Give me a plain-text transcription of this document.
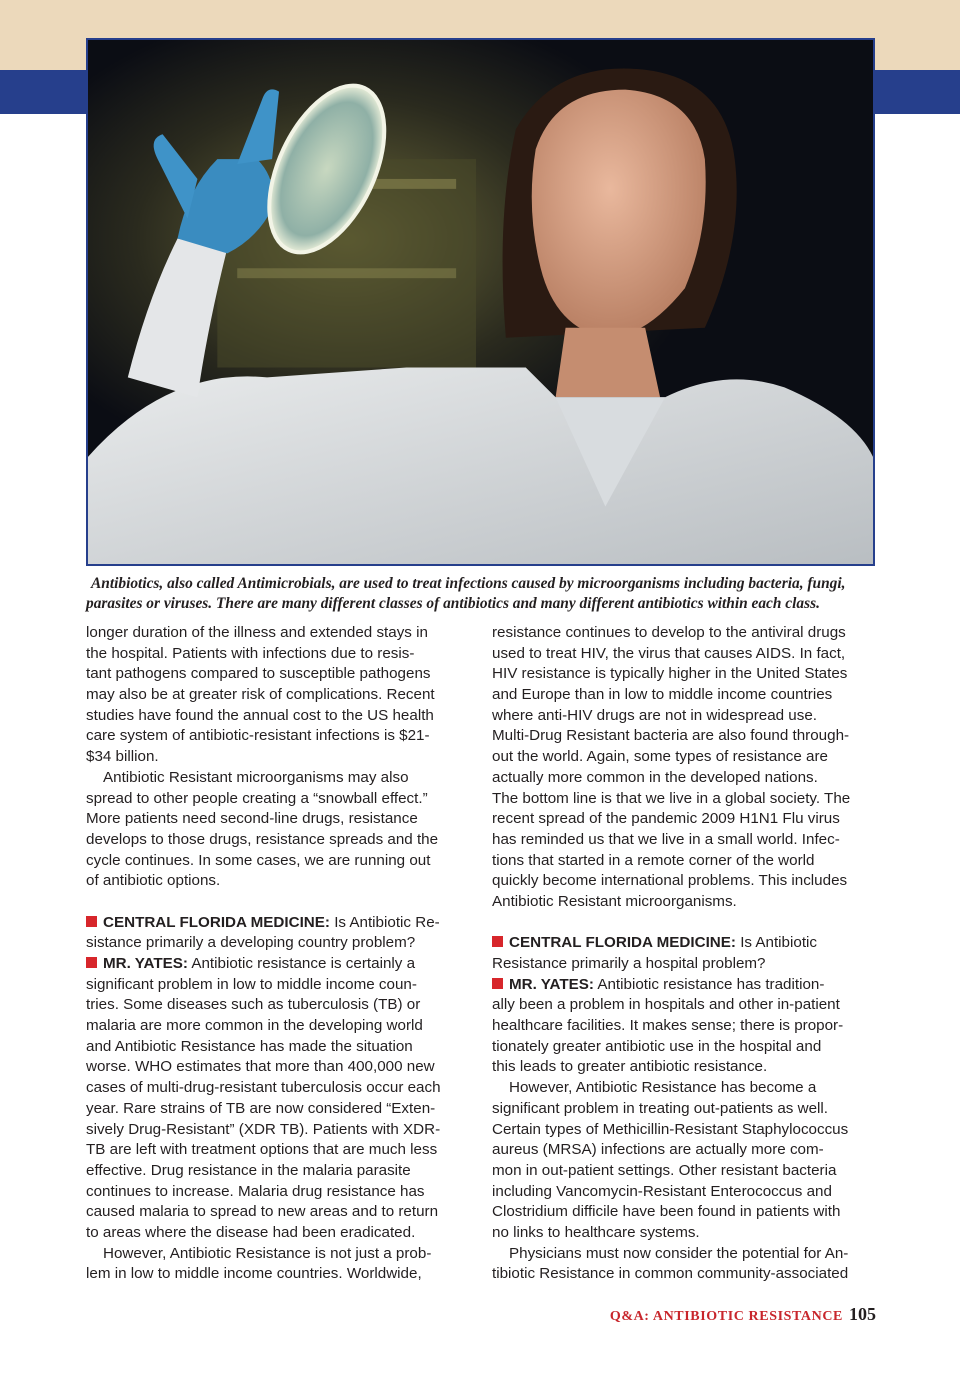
Antibiotics, also called Antimicrobials, are used to treat infections caused by microorganisms including bacteria, fungi,

parasites or viruses. There are many different classes of antibiotics and many different antibiotics within each class.

longer duration of the illness and extended stays in
the hospital. Patients with infections due to resis-
tant pathogens compared to susceptible pathogens
may also be at greater risk of complications. Recent
studies have found the annual cost to the US health
care system of antibiotic-resistant infections is $21-
$34 billion.
Antibiotic Resistant microorganisms may also
spread to other people creating a “snowball effect.”
More patients need second-line drugs, resistance
develops to those drugs, resistance spreads and the
cycle continues. In some cases, we are running out
of antibiotic options.
CENTRAL FLORIDA MEDICINE: Is Antibiotic Re-
sistance primarily a developing country problem?
MR. YATES: Antibiotic resistance is certainly a
significant problem in low to middle income coun-
tries. Some diseases such as tuberculosis (TB) or
malaria are more common in the developing world
and Antibiotic Resistance has made the situation
worse. WHO estimates that more than 400,000 new
cases of multi-drug-resistant tuberculosis occur each
year. Rare strains of TB are now considered “Exten-
sively Drug-Resistant” (XDR TB). Patients with XDR-
TB are left with treatment options that are much less
effective. Drug resistance in the malaria parasite
continues to increase. Malaria drug resistance has
caused malaria to spread to new areas and to return
to areas where the disease had been eradicated.
However, Antibiotic Resistance is not just a prob-
lem in low to middle income countries. Worldwide,
resistance continues to develop to the antiviral drugs
used to treat HIV, the virus that causes AIDS. In fact,
HIV resistance is typically higher in the United States
and Europe than in low to middle income countries
where anti-HIV drugs are not in widespread use.
Multi-Drug Resistant bacteria are also found through-
out the world. Again, some types of resistance are
actually more common in the developed nations.
The bottom line is that we live in a global society. The
recent spread of the pandemic 2009 H1N1 Flu virus
has reminded us that we live in a small world. Infec-
tions that started in a remote corner of the world
quickly become international problems. This includes
Antibiotic Resistant microorganisms.
CENTRAL FLORIDA MEDICINE: Is Antibiotic
Resistance primarily a hospital problem?
MR. YATES: Antibiotic resistance has tradition-
ally been a problem in hospitals and other in-patient
healthcare facilities. It makes sense; there is propor-
tionately greater antibiotic use in the hospital and
this leads to greater antibiotic resistance.
However, Antibiotic Resistance has become a
significant problem in treating out-patients as well.
Certain types of Methicillin-Resistant Staphylococcus
aureus (MRSA) infections are actually more com-
mon in out-patient settings. Other resistant bacteria
including Vancomycin-Resistant Enterococcus and
Clostridium difficile have been found in patients with
no links to healthcare systems.
Physicians must now consider the potential for An-
tibiotic Resistance in common community-associated
Q&A: ANTIBIOTIC RESISTANCE 105
